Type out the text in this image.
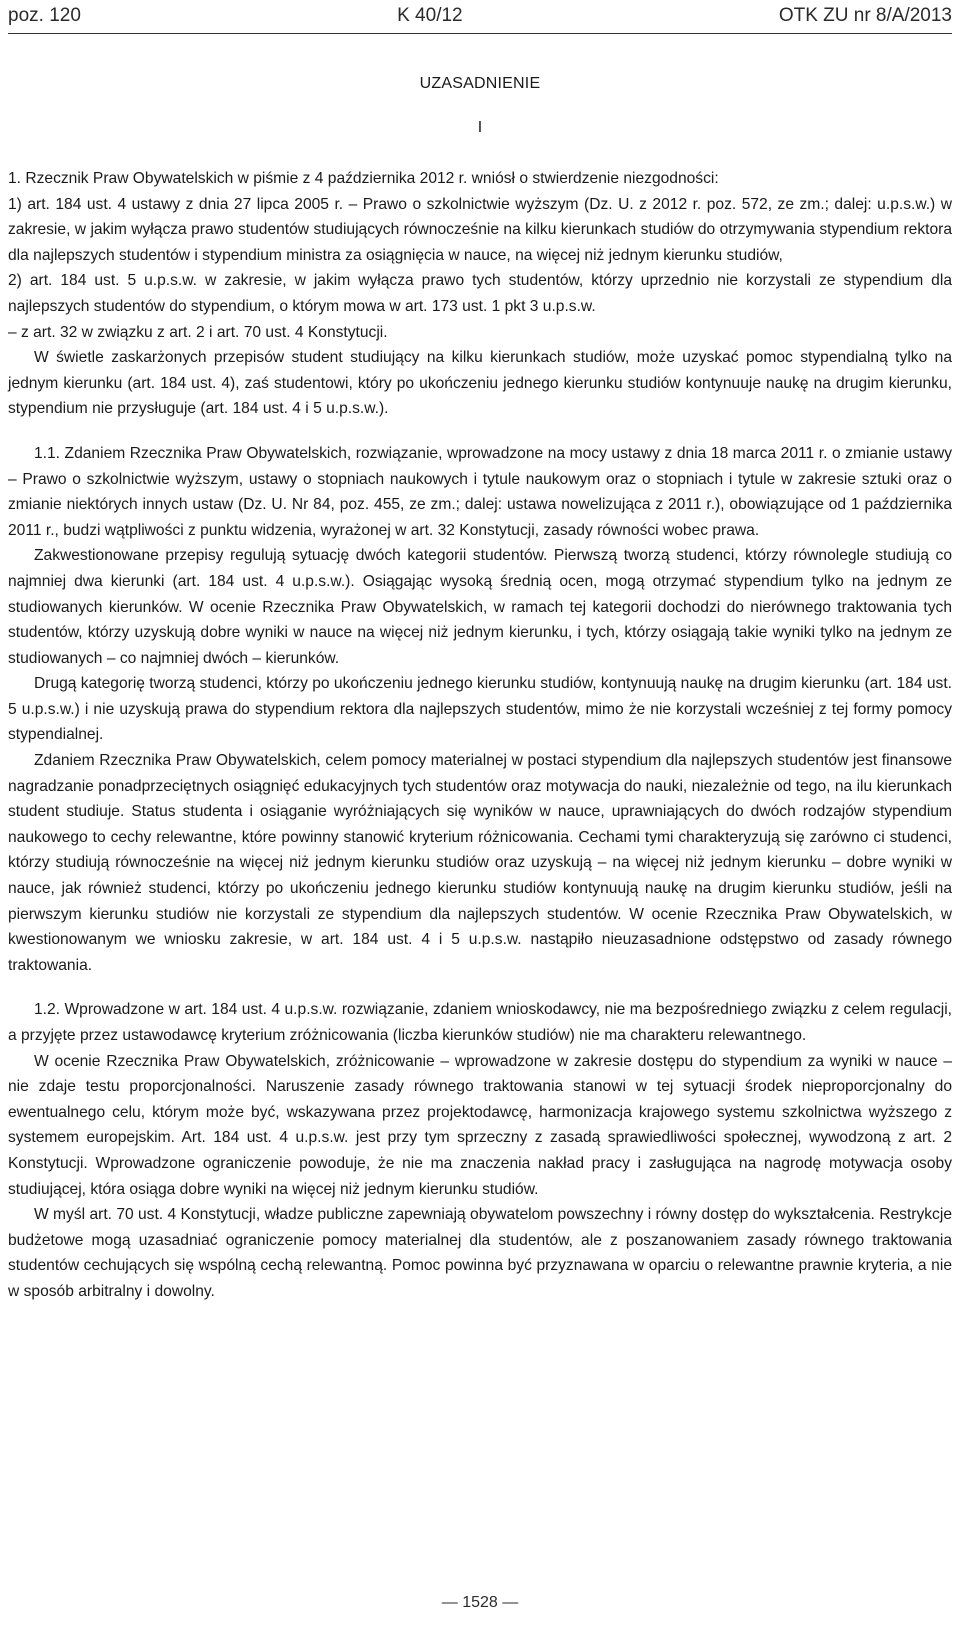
poz. 120	K 40/12	OTK ZU nr 8/A/2013
UZASADNIENIE
I

1. Rzecznik Praw Obywatelskich w piśmie z 4 października 2012 r. wniósł o stwierdzenie niezgodności:

1) art. 184 ust. 4 ustawy z dnia 27 lipca 2005 r. – Prawo o szkolnictwie wyższym (Dz. U. z 2012 r. poz. 572, ze zm.; dalej: u.p.s.w.) w zakresie, w jakim wyłącza prawo studentów studiujących równocześnie na kilku kierunkach studiów do otrzymywania stypendium rektora dla najlepszych studentów i stypendium ministra za osiągnięcia w nauce, na więcej niż jednym kierunku studiów,

2) art. 184 ust. 5 u.p.s.w. w zakresie, w jakim wyłącza prawo tych studentów, którzy uprzednio nie korzystali ze stypendium dla najlepszych studentów do stypendium, o którym mowa w art. 173 ust. 1 pkt 3 u.p.s.w.

– z art. 32 w związku z art. 2 i art. 70 ust. 4 Konstytucji.

W świetle zaskarżonych przepisów student studiujący na kilku kierunkach studiów, może uzyskać pomoc stypendialną tylko na jednym kierunku (art. 184 ust. 4), zaś studentowi, który po ukończeniu jednego kierunku studiów kontynuuje naukę na drugim kierunku, stypendium nie przysługuje (art. 184 ust. 4 i 5 u.p.s.w.).

1.1. Zdaniem Rzecznika Praw Obywatelskich, rozwiązanie, wprowadzone na mocy ustawy z dnia 18 marca 2011 r. o zmianie ustawy – Prawo o szkolnictwie wyższym, ustawy o stopniach naukowych i tytule naukowym oraz o stopniach i tytule w zakresie sztuki oraz o zmianie niektórych innych ustaw (Dz. U. Nr 84, poz. 455, ze zm.; dalej: ustawa nowelizująca z 2011 r.), obowiązujące od 1 października 2011 r., budzi wątpliwości z punktu widzenia, wyrażonej w art. 32 Konstytucji, zasady równości wobec prawa.

Zakwestionowane przepisy regulują sytuację dwóch kategorii studentów. Pierwszą tworzą studenci, którzy równolegle studiują co najmniej dwa kierunki (art. 184 ust. 4 u.p.s.w.). Osiągając wysoką średnią ocen, mogą otrzymać stypendium tylko na jednym ze studiowanych kierunków. W ocenie Rzecznika Praw Obywatelskich, w ramach tej kategorii dochodzi do nierównego traktowania tych studentów, którzy uzyskują dobre wyniki w nauce na więcej niż jednym kierunku, i tych, którzy osiągają takie wyniki tylko na jednym ze studiowanych – co najmniej dwóch – kierunków.

Drugą kategorię tworzą studenci, którzy po ukończeniu jednego kierunku studiów, kontynuują naukę na drugim kierunku (art. 184 ust. 5 u.p.s.w.) i nie uzyskują prawa do stypendium rektora dla najlepszych studentów, mimo że nie korzystali wcześniej z tej formy pomocy stypendialnej.

Zdaniem Rzecznika Praw Obywatelskich, celem pomocy materialnej w postaci stypendium dla najlepszych studentów jest finansowe nagradzanie ponadprzeciętnych osiągnięć edukacyjnych tych studentów oraz motywacja do nauki, niezależnie od tego, na ilu kierunkach student studiuje. Status studenta i osiąganie wyróżniających się wyników w nauce, uprawniających do dwóch rodzajów stypendium naukowego to cechy relewantne, które powinny stanowić kryterium różnicowania. Cechami tymi charakteryzują się zarówno ci studenci, którzy studiują równocześnie na więcej niż jednym kierunku studiów oraz uzyskują – na więcej niż jednym kierunku – dobre wyniki w nauce, jak również studenci, którzy po ukończeniu jednego kierunku studiów kontynuują naukę na drugim kierunku studiów, jeśli na pierwszym kierunku studiów nie korzystali ze stypendium dla najlepszych studentów. W ocenie Rzecznika Praw Obywatelskich, w kwestionowanym we wniosku zakresie, w art. 184 ust. 4 i 5 u.p.s.w. nastąpiło nieuzasadnione odstępstwo od zasady równego traktowania.

1.2. Wprowadzone w art. 184 ust. 4 u.p.s.w. rozwiązanie, zdaniem wnioskodawcy, nie ma bezpośredniego związku z celem regulacji, a przyjęte przez ustawodawcę kryterium zróżnicowania (liczba kierunków studiów) nie ma charakteru relewantnego.

W ocenie Rzecznika Praw Obywatelskich, zróżnicowanie – wprowadzone w zakresie dostępu do stypendium za wyniki w nauce – nie zdaje testu proporcjonalności. Naruszenie zasady równego traktowania stanowi w tej sytuacji środek nieproporcjonalny do ewentualnego celu, którym może być, wskazywana przez projektodawcę, harmonizacja krajowego systemu szkolnictwa wyższego z systemem europejskim. Art. 184 ust. 4 u.p.s.w. jest przy tym sprzeczny z zasadą sprawiedliwości społecznej, wywodzoną z art. 2 Konstytucji. Wprowadzone ograniczenie powoduje, że nie ma znaczenia nakład pracy i zasługująca na nagrodę motywacja osoby studiującej, która osiąga dobre wyniki na więcej niż jednym kierunku studiów.

W myśl art. 70 ust. 4 Konstytucji, władze publiczne zapewniają obywatelom powszechny i równy dostęp do wykształcenia. Restrykcje budżetowe mogą uzasadniać ograniczenie pomocy materialnej dla studentów, ale z poszanowaniem zasady równego traktowania studentów cechujących się wspólną cechą relewantną. Pomoc powinna być przyznawana w oparciu o relewantne prawnie kryteria, a nie w sposób arbitralny i dowolny.

— 1528 —
